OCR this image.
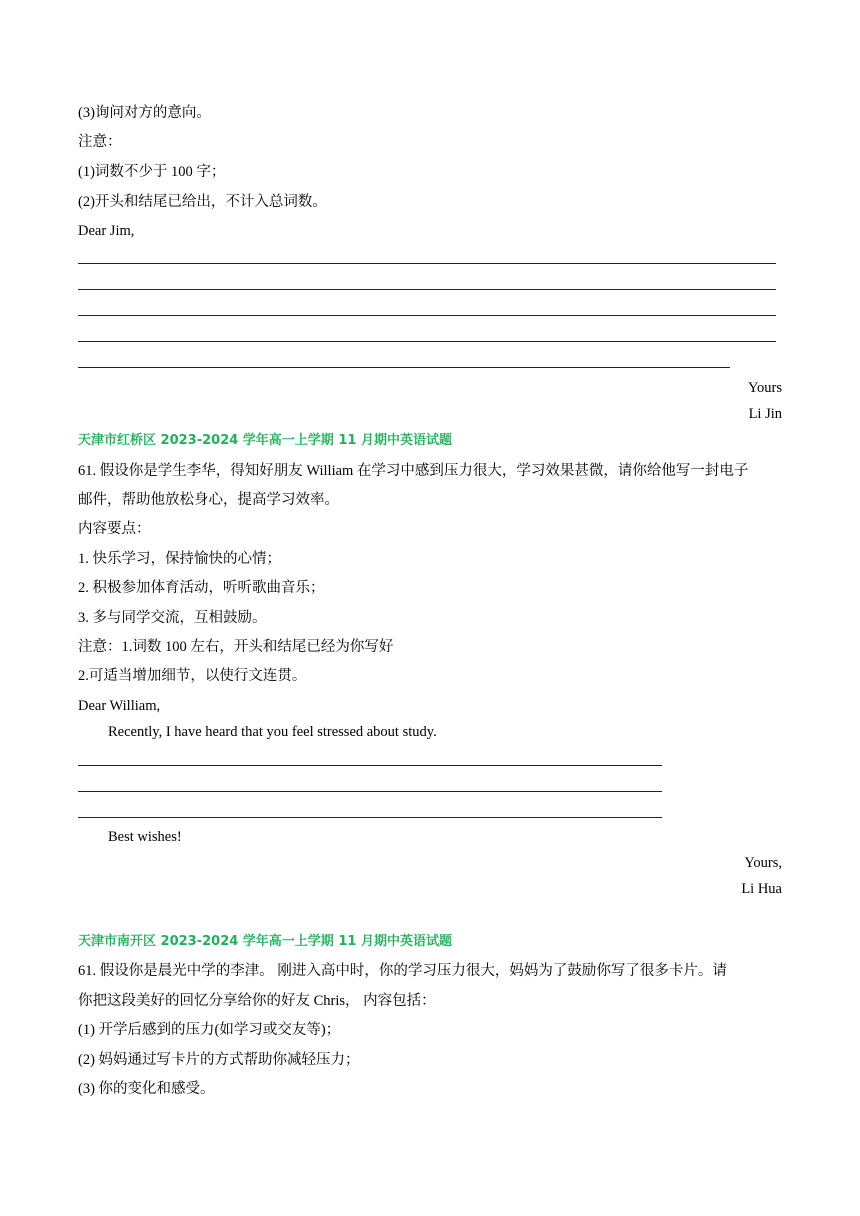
(3)询问对方的意向。
注意：
(1)词数不少于 100 字；
(2)开头和结尾已给出，不计入总词数。
Dear Jim,
Yours
Li Jin
天津市红桥区 2023-2024 学年高一上学期 11 月期中英语试题
61. 假设你是学生李华，得知好朋友 William 在学习中感到压力很大，学习效果甚微，请你给他写一封电子
邮件，帮助他放松身心，提高学习效率。
内容要点：
1. 快乐学习，保持愉快的心情；
2. 积极参加体育活动，听听歌曲音乐；
3. 多与同学交流，互相鼓励。
注意：1.词数 100 左右，开头和结尾已经为你写好
2.可适当增加细节，以使行文连贯。
Dear William,
Recently, I have heard that you feel stressed about study.
Best wishes!
Yours,
Li Hua
天津市南开区 2023-2024 学年高一上学期 11 月期中英语试题
61. 假设你是晨光中学的李津。 刚进入高中时，你的学习压力很大，妈妈为了鼓励你写了很多卡片。请
你把这段美好的回忆分享给你的好友 Chris， 内容包括：
(1) 开学后感到的压力(如学习或交友等)；
(2) 妈妈通过写卡片的方式帮助你减轻压力；
(3) 你的变化和感受。
